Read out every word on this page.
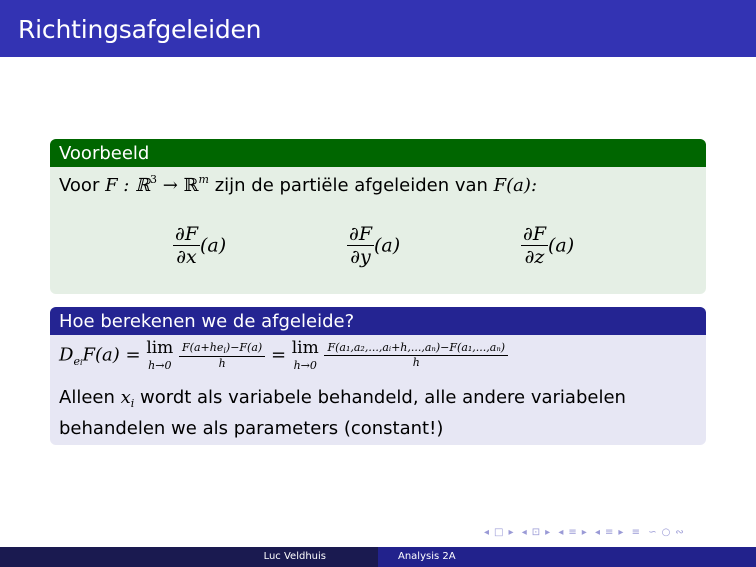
Richtingsafgeleiden
Voorbeeld
Voor F : ℝ$^3$ → ℝ$^m$ zijn de partiële afgeleiden van F(a):
$\frac{\partial F}{\partial x} (a)$	$\frac{\partial F}{\partial y} (a)$	$\frac{\partial F}{\partial z} (a)$
Hoe berekenen we de afgeleide?
$D_{ei}F(a) = \lim$
h→0
$\frac{\text{F(a+hei)−F(a)}}{h} = \lim$
h→0
$\frac{\text{F(a₁,a₂,...,aᵢ+h,...,aₙ)−F(a₁,...,aₙ)}}{h}$
Alleen $x_i$ wordt als variabele behandeld, alle andere variabelen behandelen we als parameters (constant!)
◂ □ ▸ ◂ ⊡ ▸ ◂ ≡ ▸ ◂ ≡ ▸ ≡ ∽ ○ ∾
Luc Veldhuis	Analysis 2A
